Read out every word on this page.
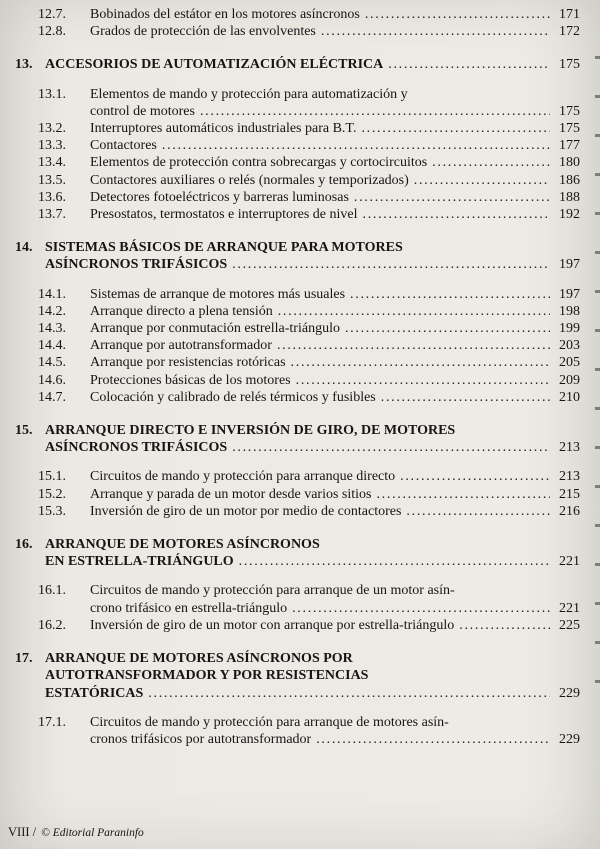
12.7.	Bobinados del estátor en los motores asíncronos .....	171
12.8.	Grados de protección de las envolventes .....	172
13. ACCESORIOS DE AUTOMATIZACIÓN ELÉCTRICA .....	175
13.1.	Elementos de mando y protección para automatización y
control de motores .....	175
13.2.	Interruptores automáticos industriales para B.T. .....	175
13.3.	Contactores .....	177
13.4.	Elementos de protección contra sobrecargas y cortocircuitos .....	180
13.5.	Contactores auxiliares o relés (normales y temporizados) .....	186
13.6.	Detectores fotoeléctricos y barreras luminosas .....	188
13.7.	Presostatos, termostatos e interruptores de nivel .....	192
14. SISTEMAS BÁSICOS DE ARRANQUE PARA MOTORES
ASÍNCRONOS TRIFÁSICOS .....	197
14.1.	Sistemas de arranque de motores más usuales .....	197
14.2.	Arranque directo a plena tensión .....	198
14.3.	Arranque por conmutación estrella-triángulo .....	199
14.4.	Arranque por autotransformador .....	203
14.5.	Arranque por resistencias rotóricas .....	205
14.6.	Protecciones básicas de los motores .....	209
14.7.	Colocación y calibrado de relés térmicos y fusibles .....	210
15. ARRANQUE DIRECTO E INVERSIÓN DE GIRO, DE MOTORES
ASÍNCRONOS TRIFÁSICOS .....	213
15.1.	Circuitos de mando y protección para arranque directo .....	213
15.2.	Arranque y parada de un motor desde varios sitios .....	215
15.3.	Inversión de giro de un motor por medio de contactores .....	216
16. ARRANQUE DE MOTORES ASÍNCRONOS
EN ESTRELLA-TRIÁNGULO .....	221
16.1.	Circuitos de mando y protección para arranque de un motor asín-
crono trifásico en estrella-triángulo .....	221
16.2.	Inversión de giro de un motor con arranque por estrella-triángulo .....	225
17. ARRANQUE DE MOTORES ASÍNCRONOS POR
AUTOTRANSFORMADOR Y POR RESISTENCIAS
ESTATÓRICAS .....	229
17.1.	Circuitos de mando y protección para arranque de motores asín-
cronos trifásicos por autotransformador .....	229
VIII / © Editorial Paraninfo
